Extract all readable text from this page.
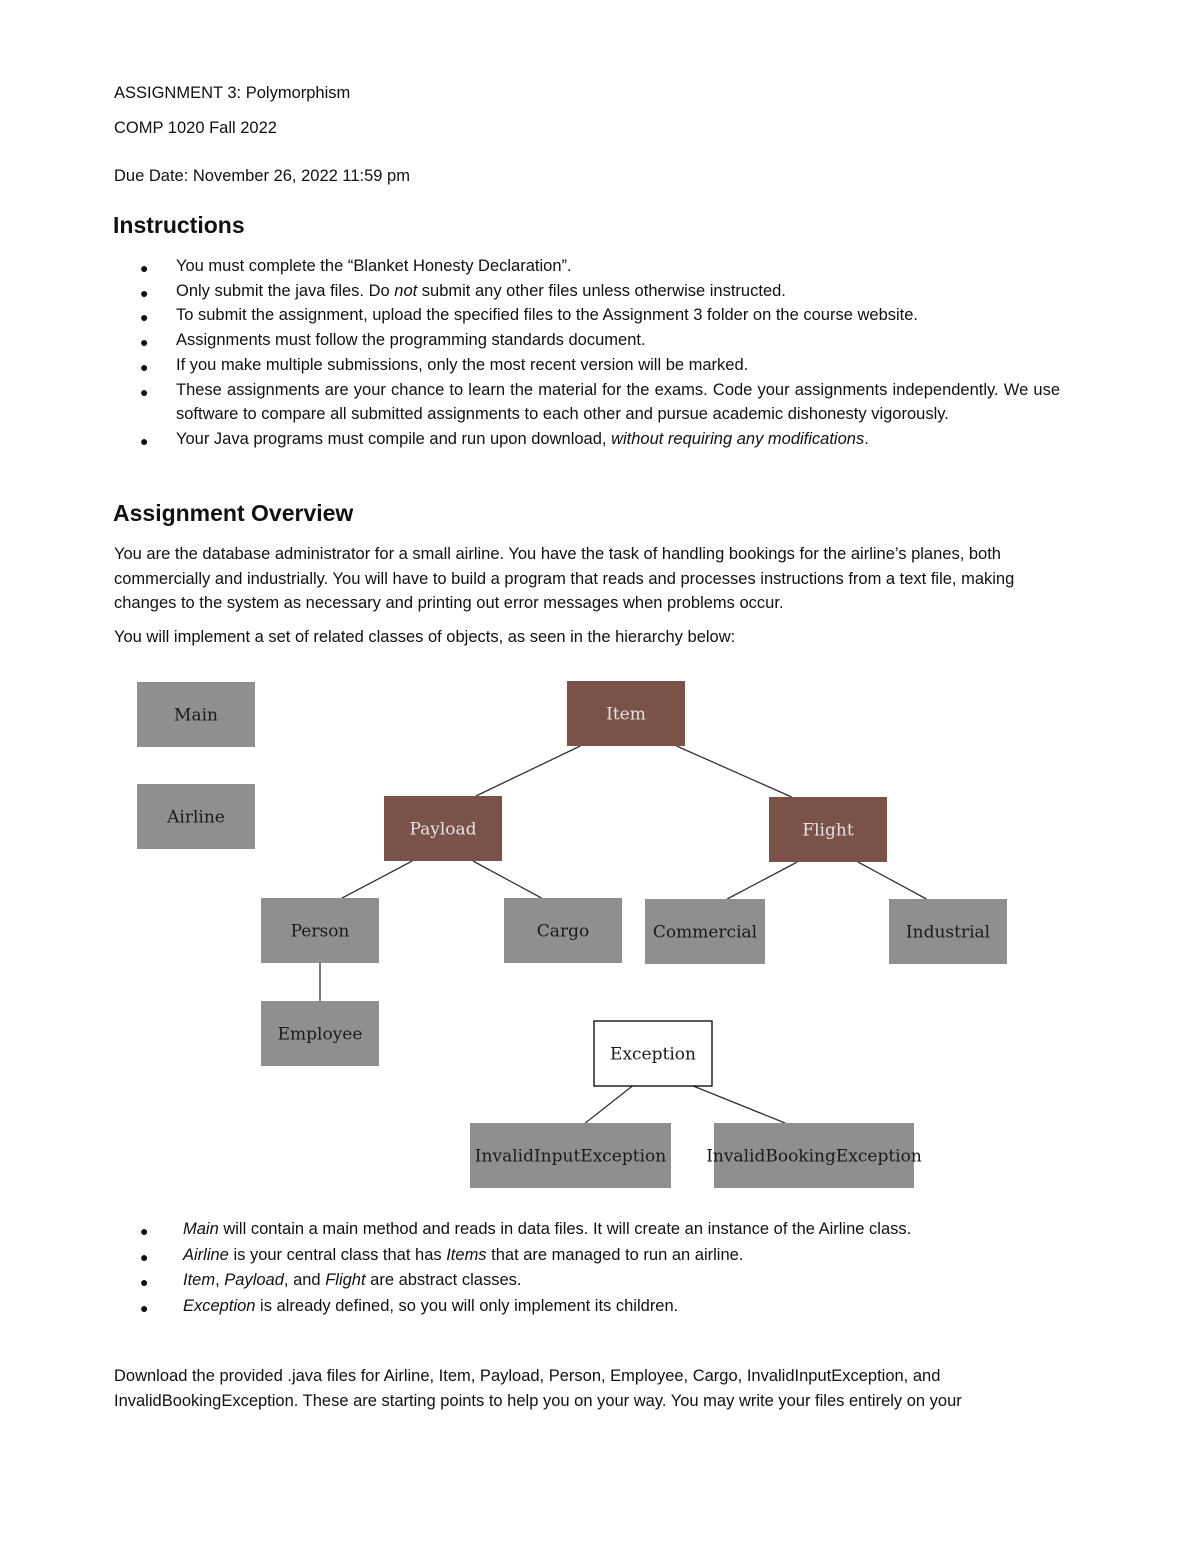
ASSIGNMENT 3: Polymorphism
COMP 1020 Fall 2022
Due Date: November 26, 2022 11:59 pm
Instructions
● You must complete the “Blanket Honesty Declaration”.
● Only submit the java files. Do not submit any other files unless otherwise instructed.
● To submit the assignment, upload the specified files to the Assignment 3 folder on the course website.
● Assignments must follow the programming standards document.
● If you make multiple submissions, only the most recent version will be marked.
● These assignments are your chance to learn the material for the exams. Code your assignments independently. We use software to compare all submitted assignments to each other and pursue academic dishonesty vigorously.
● Your Java programs must compile and run upon download, without requiring any modifications.
Assignment Overview
You are the database administrator for a small airline. You have the task of handling bookings for the airline’s planes, both commercially and industrially. You will have to build a program that reads and processes instructions from a text file, making changes to the system as necessary and printing out error messages when problems occur.
You will implement a set of related classes of objects, as seen in the hierarchy below:
Main
Airline
Item
Payload	Flight
Person	Cargo	Commercial	Industrial
Employee
Exception
InvalidInputException InvalidBookingException
● Main will contain a main method and reads in data files. It will create an instance of the Airline class.
● Airline is your central class that has Items that are managed to run an airline.
● Item, Payload, and Flight are abstract classes.
● Exception is already defined, so you will only implement its children.
Download the provided .java files for Airline, Item, Payload, Person, Employee, Cargo, InvalidInputException, and InvalidBookingException. These are starting points to help you on your way. You may write your files entirely on your
